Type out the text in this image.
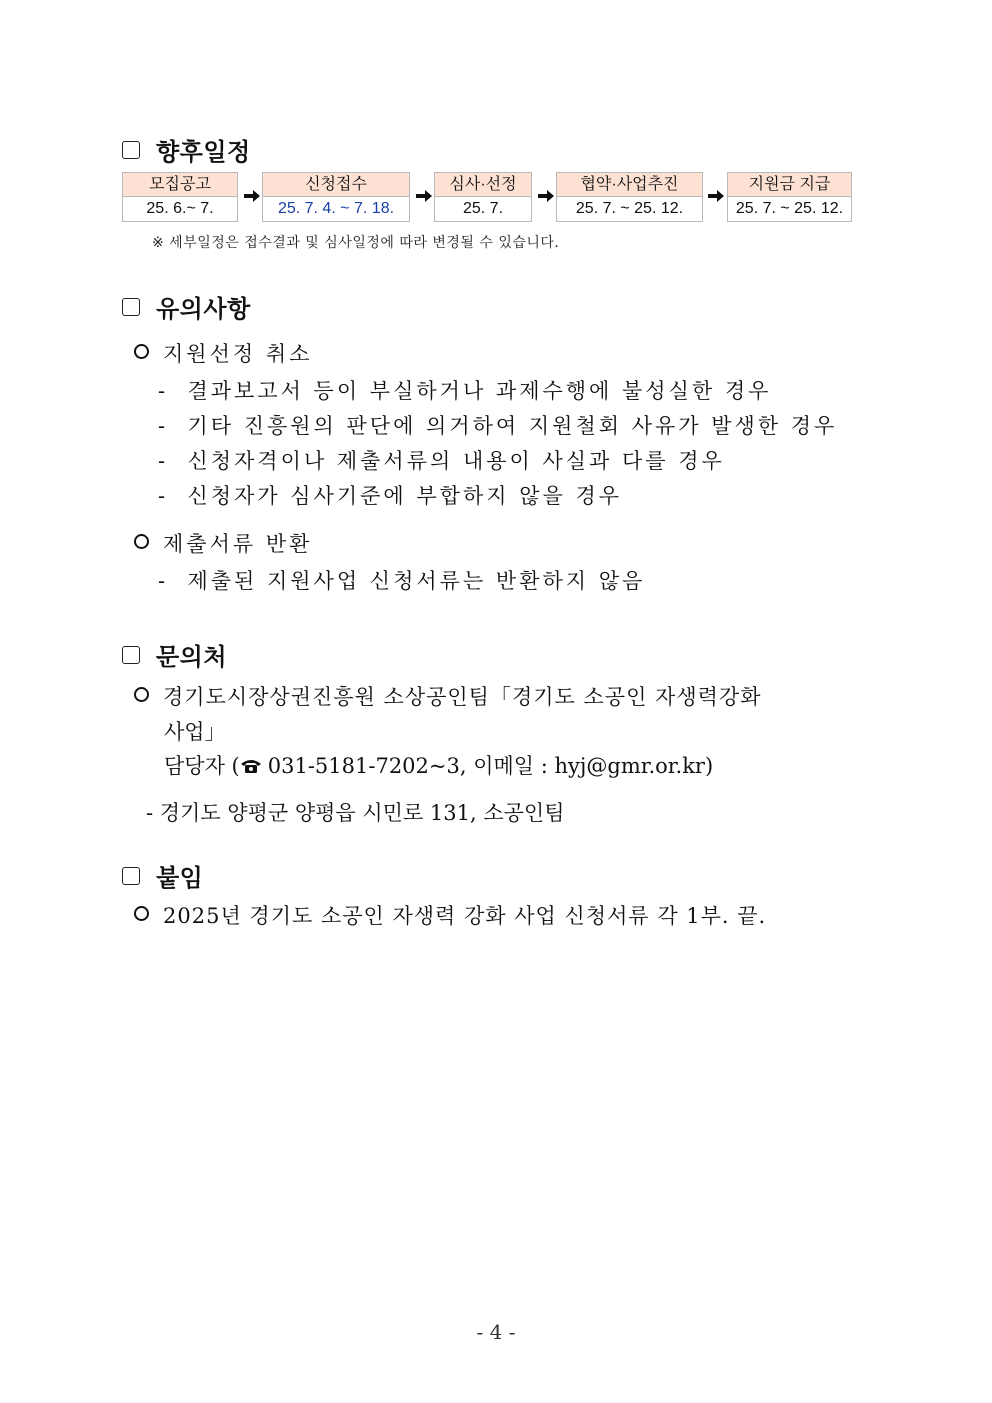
향후일정
모집공고
25. 6.~ 7.
신청접수
25. 7. 4. ~ 7. 18.
심사·선정
25. 7.
협약·사업추진
25. 7. ~ 25. 12.
지원금 지급
25. 7. ~ 25. 12.
※ 세부일정은 접수결과 및 심사일정에 따라 변경될 수 있습니다.
유의사항
지원선정 취소
-  결과보고서 등이 부실하거나 과제수행에 불성실한 경우
-  기타 진흥원의 판단에 의거하여 지원철회 사유가 발생한 경우
-  신청자격이나 제출서류의 내용이 사실과 다를 경우
-  신청자가 심사기준에 부합하지 않을 경우
제출서류 반환
-  제출된 지원사업 신청서류는 반환하지 않음
문의처
경기도시장상권진흥원 소상공인팀「경기도 소공인 자생력강화
사업」
담당자 ( 031-5181-7202~3, 이메일 : hyj@gmr.or.kr)
- 경기도 양평군 양평읍 시민로 131, 소공인팀
붙임
2025년 경기도 소공인 자생력 강화 사업 신청서류 각 1부. 끝.
- 4 -
